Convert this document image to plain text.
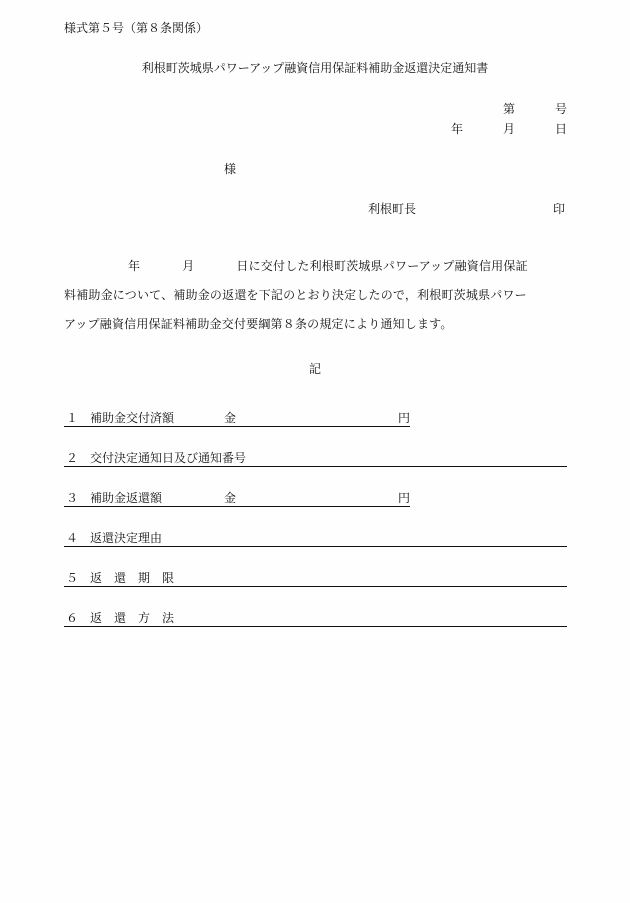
様式第５号（第８条関係）
利根町茨城県パワーアップ融資信用保証料補助金返還決定通知書
第	号
年	月	日
様
利根町長	印
年	月	日に交付した利根町茨城県パワーアップ融資信用保証
料補助金について、補助金の返還を下記のとおり決定したので，利根町茨城県パワー
アップ融資信用保証料補助金交付要綱第８条の規定により通知します。
記
１ 補助金交付済額	金	円
２ 交付決定通知日及び通知番号
３ 補助金返還額	金	円
４ 返還決定理由
５ 返　還　期　限
６ 返　還　方　法
